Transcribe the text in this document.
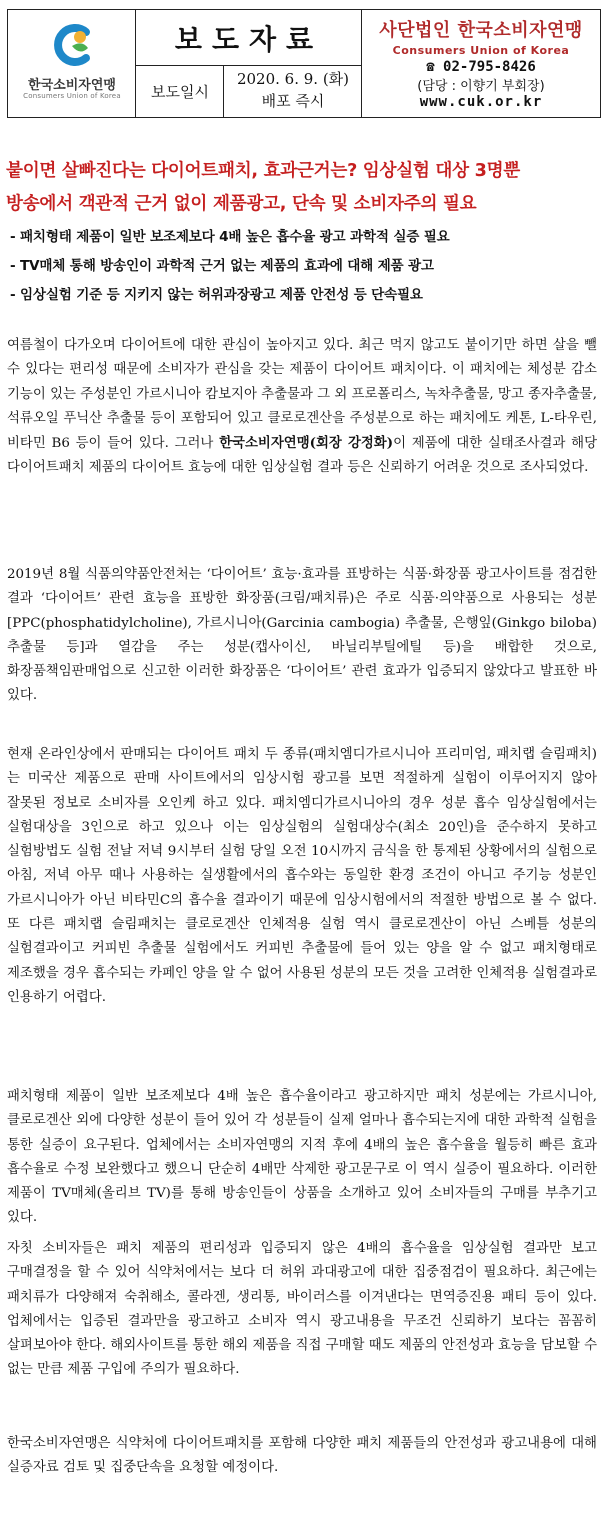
한국소비자연맹
Consumers Union of Korea
보도자료
보도일시
2020. 6. 9. (화)
배포 즉시
사단법인 한국소비자연맹
Consumers Union of Korea
☎ 02-795-8426
(담당 : 이향기 부회장)
www.cuk.or.kr
붙이면 살빠진다는 다이어트패치, 효과근거는? 임상실험 대상 3명뿐
방송에서 객관적 근거 없이 제품광고, 단속 및 소비자주의 필요
- 패치형태 제품이 일반 보조제보다 4배 높은 흡수율 광고 과학적 실증 필요
- TV매체 통해 방송인이 과학적 근거 없는 제품의 효과에 대해 제품 광고
- 임상실험 기준 등 지키지 않는 허위과장광고 제품 안전성 등 단속필요
여름철이 다가오며 다이어트에 대한 관심이 높아지고 있다. 최근 먹지 않고도 붙이기만 하면 살을 뺄 수 있다는 편리성 때문에 소비자가 관심을 갖는 제품이 다이어트 패치이다. 이 패치에는 체성분 감소 기능이 있는 주성분인 가르시니아 캄보지아 추출물과 그 외 프로폴리스, 녹차추출물, 망고 종자추출물, 석류오일 푸닉산 추출물 등이 포함되어 있고 클로로겐산을 주성분으로 하는 패치에도 케톤, L-타우린, 비타민 B6 등이 들어 있다. 그러나 한국소비자연맹(회장 강정화)이 제품에 대한 실태조사결과 해당 다이어트패치 제품의 다이어트 효능에 대한 임상실험 결과 등은 신뢰하기 어려운 것으로 조사되었다.
2019년 8월 식품의약품안전처는 ‘다이어트’ 효능·효과를 표방하는 식품·화장품 광고사이트를 점검한 결과 ‘다이어트’ 관련 효능을 표방한 화장품(크림/패치류)은 주로 식품·의약품으로 사용되는 성분[PPC(phosphatidylcholine), 가르시니아(Garcinia cambogia) 추출물, 은행잎(Ginkgo biloba) 추출물 등]과 열감을 주는 성분(캡사이신, 바닐리부틸에틸 등)을 배합한 것으로, 화장품책임판매업으로 신고한 이러한 화장품은 ‘다이어트’ 관련 효과가 입증되지 않았다고 발표한 바 있다.
현재 온라인상에서 판매되는 다이어트 패치 두 종류(패치엠디가르시니아 프리미엄, 패치랩 슬림패치)는 미국산 제품으로 판매 사이트에서의 임상시험 광고를 보면 적절하게 실험이 이루어지지 않아 잘못된 정보로 소비자를 오인케 하고 있다. 패치엠디가르시니아의 경우 성분 흡수 임상실험에서는 실험대상을 3인으로 하고 있으나 이는 임상실험의 실험대상수(최소 20인)을 준수하지 못하고 실험방법도 실험 전날 저녁 9시부터 실험 당일 오전 10시까지 금식을 한 통제된 상황에서의 실험으로 아침, 저녁 아무 때나 사용하는 실생활에서의 흡수와는 동일한 환경 조건이 아니고 주기능 성분인 가르시니아가 아닌 비타민C의 흡수율 결과이기 때문에 임상시험에서의 적절한 방법으로 볼 수 없다. 또 다른 패치랩 슬림패치는 클로로겐산 인체적용 실험 역시 클로로겐산이 아닌 스베틀 성분의 실험결과이고 커피빈 추출물 실험에서도 커피빈 추출물에 들어 있는 양을 알 수 없고 패치형태로 제조했을 경우 흡수되는 카페인 양을 알 수 없어 사용된 성분의 모든 것을 고려한 인체적용 실험결과로 인용하기 어렵다.
패치형태 제품이 일반 보조제보다 4배 높은 흡수율이라고 광고하지만 패치 성분에는 가르시니아, 클로로겐산 외에 다양한 성분이 들어 있어 각 성분들이 실제 얼마나 흡수되는지에 대한 과학적 실험을 통한 실증이 요구된다. 업체에서는 소비자연맹의 지적 후에 4배의 높은 흡수율을 월등히 빠른 효과 흡수율로 수정 보완했다고 했으니 단순히 4배만 삭제한 광고문구로 이 역시 실증이 필요하다. 이러한 제품이 TV매체(올리브 TV)를 통해 방송인들이 상품을 소개하고 있어 소비자들의 구매를 부추기고 있다.
자칫 소비자들은 패치 제품의 편리성과 입증되지 않은 4배의 흡수율을 임상실험 결과만 보고 구매결정을 할 수 있어 식약처에서는 보다 더 허위 과대광고에 대한 집중점검이 필요하다. 최근에는 패치류가 다양해져 숙취해소, 콜라겐, 생리통, 바이러스를 이겨낸다는 면역증진용 패티 등이 있다. 업체에서는 입증된 결과만을 광고하고 소비자 역시 광고내용을 무조건 신뢰하기 보다는 꼼꼼히 살펴보아야 한다. 해외사이트를 통한 해외 제품을 직접 구매할 때도 제품의 안전성과 효능을 담보할 수 없는 만큼 제품 구입에 주의가 필요하다.
한국소비자연맹은 식약처에 다이어트패치를 포함해 다양한 패치 제품들의 안전성과 광고내용에 대해 실증자료 검토 및 집중단속을 요청할 예정이다.
